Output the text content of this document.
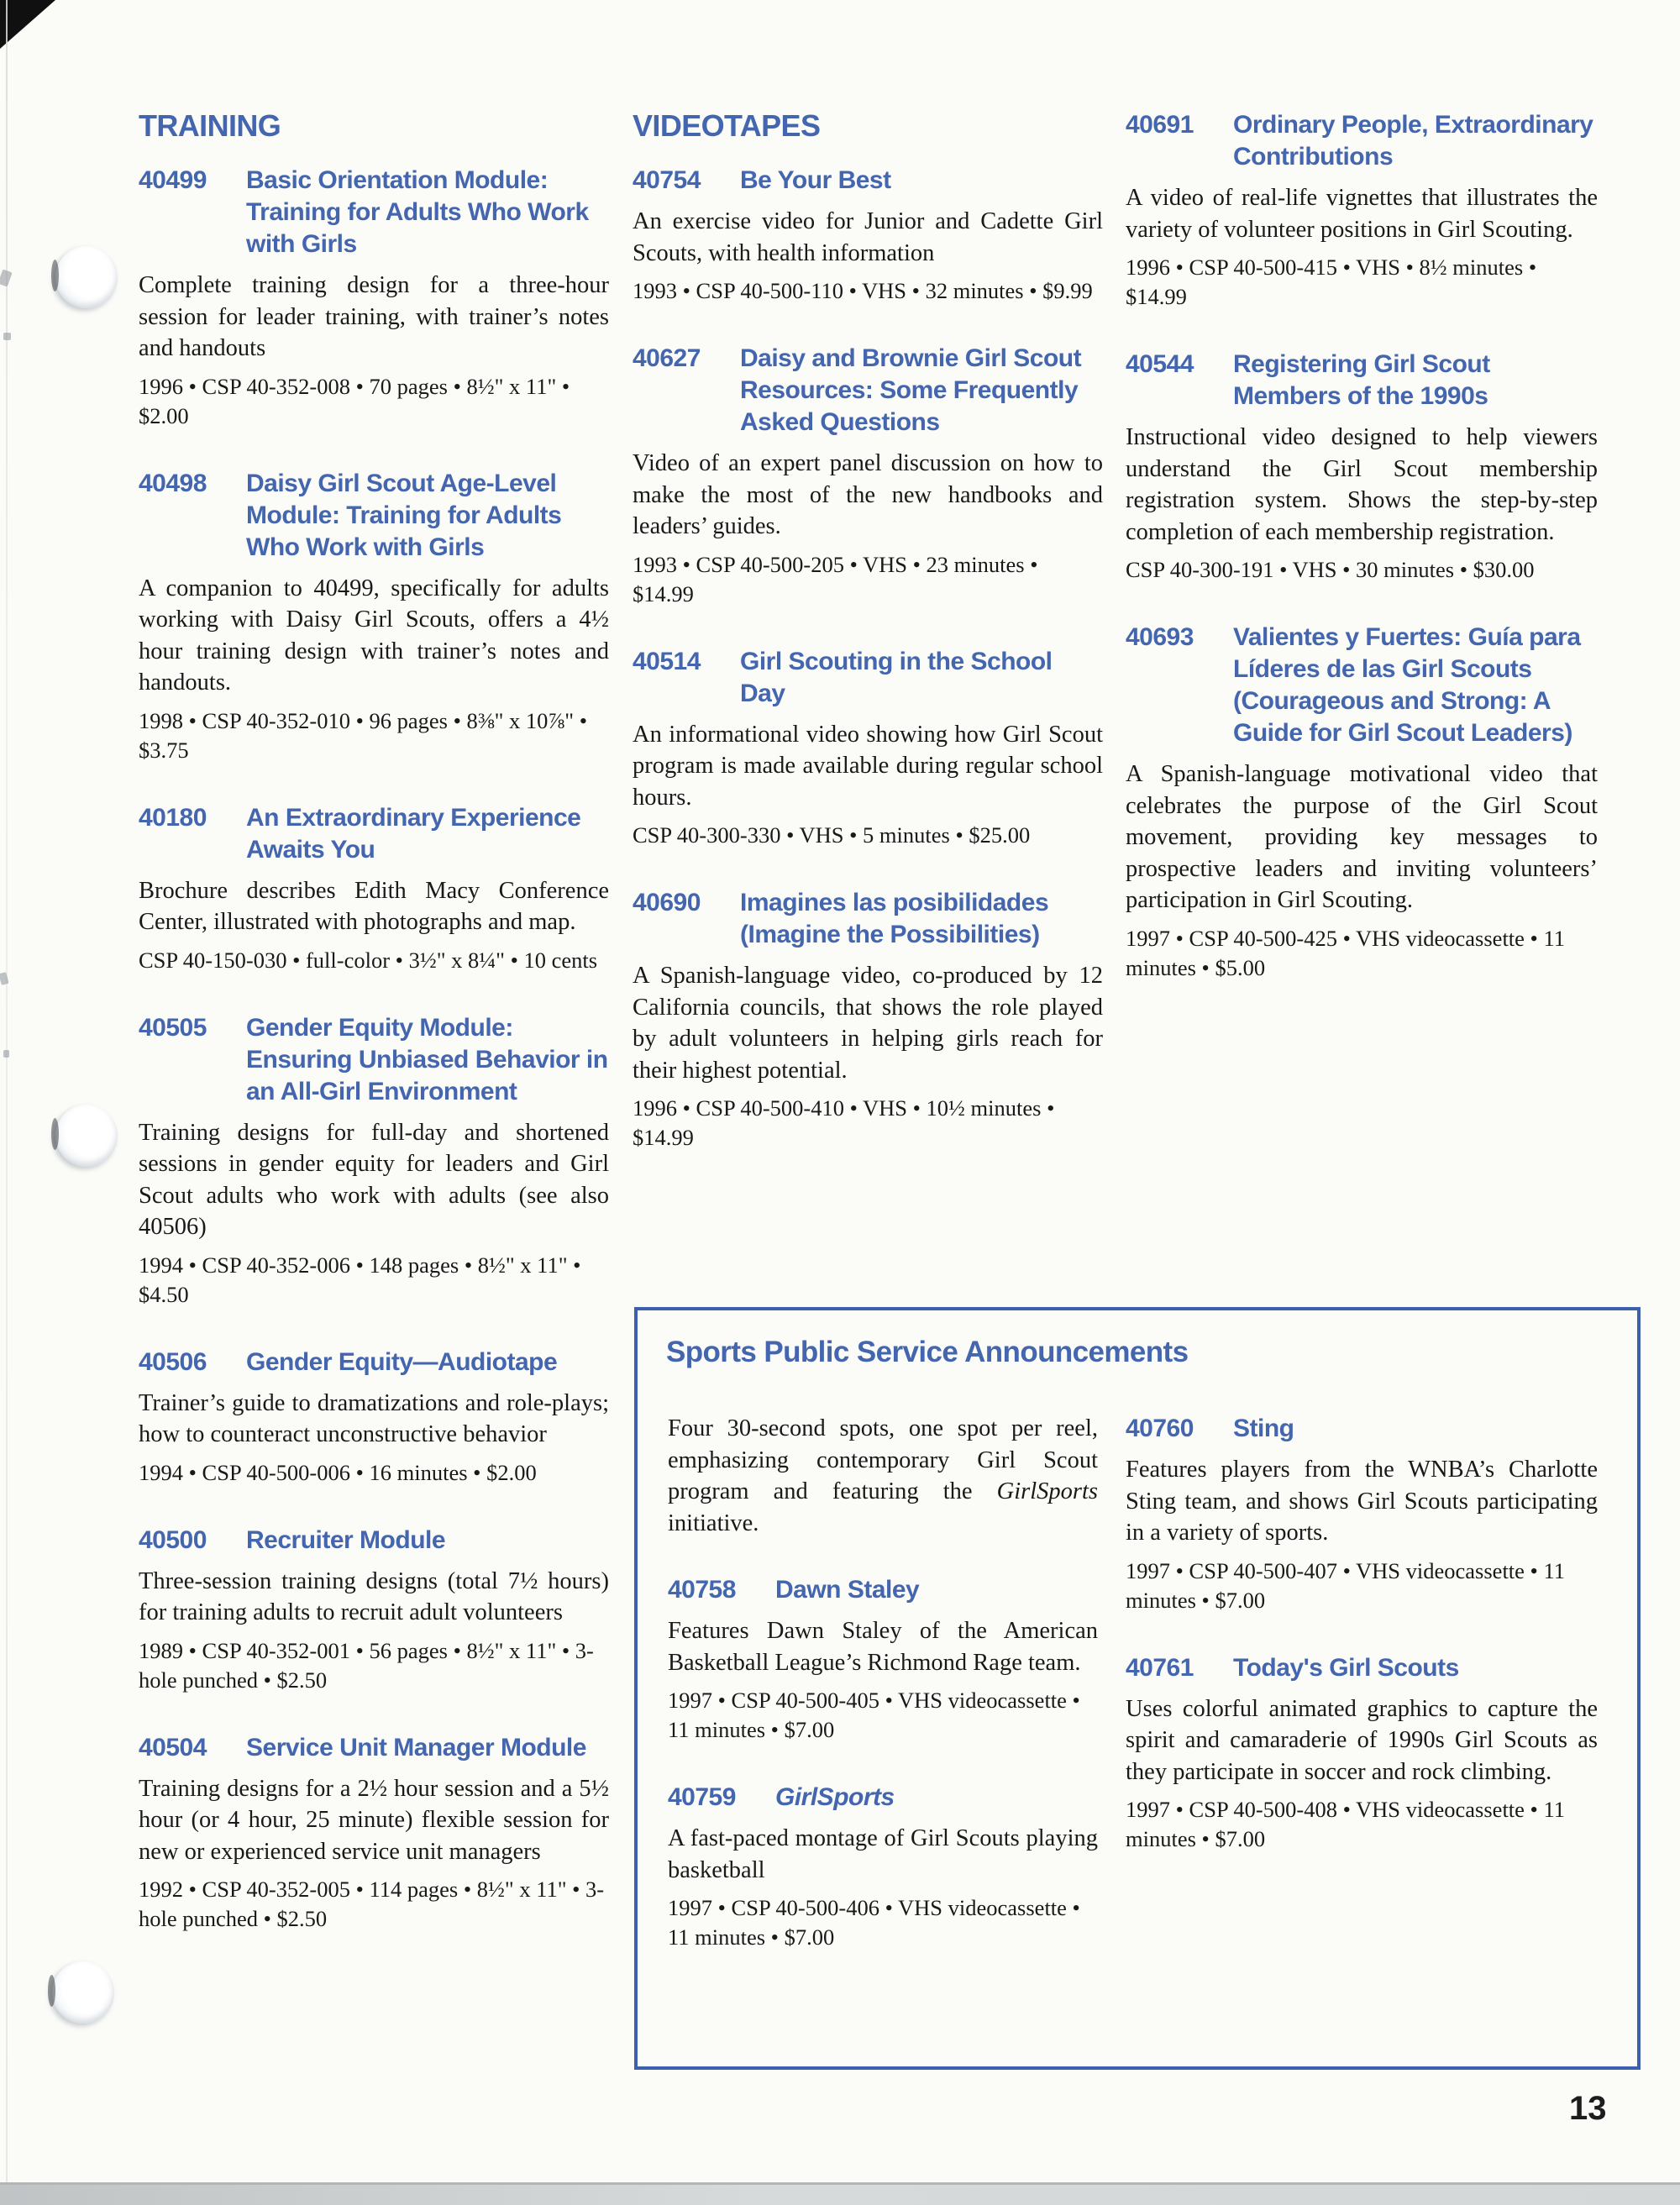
TRAINING
40499	Basic Orientation Module: Training for Adults Who Work with Girls

Complete training design for a three-hour session for leader training, with trainer’s notes and handouts

1996 • CSP 40-352-008 • 70 pages • 8½" x 11" • $2.00

40498	Daisy Girl Scout Age-Level Module: Training for Adults Who Work with Girls

A companion to 40499, specifically for adults working with Daisy Girl Scouts, offers a 4½ hour training design with trainer’s notes and handouts.

1998 • CSP 40-352-010 • 96 pages • 8⅜" x 10⅞" • $3.75

40180	An Extraordinary Experience Awaits You

Brochure describes Edith Macy Conference Center, illustrated with photographs and map.

CSP 40-150-030 • full-color • 3½" x 8¼" • 10 cents

40505	Gender Equity Module: Ensuring Unbiased Behavior in an All-Girl Environment

Training designs for full-day and shortened sessions in gender equity for leaders and Girl Scout adults who work with adults (see also 40506)

1994 • CSP 40-352-006 • 148 pages • 8½" x 11" • $4.50

40506	Gender Equity—Audiotape

Trainer’s guide to dramatizations and role-plays; how to counteract unconstructive behavior

1994 • CSP 40-500-006 • 16 minutes • $2.00

40500	Recruiter Module

Three-session training designs (total 7½ hours) for training adults to recruit adult volunteers

1989 • CSP 40-352-001 • 56 pages • 8½" x 11" • 3-hole punched • $2.50

40504	Service Unit Manager Module

Training designs for a 2½ hour session and a 5½ hour (or 4 hour, 25 minute) flexible session for new or experienced service unit managers

1992 • CSP 40-352-005 • 114 pages • 8½" x 11" • 3-hole punched • $2.50

VIDEOTAPES
40754	Be Your Best

An exercise video for Junior and Cadette Girl Scouts, with health information

1993 • CSP 40-500-110 • VHS • 32 minutes • $9.99

40627	Daisy and Brownie Girl Scout Resources: Some Frequently Asked Questions

Video of an expert panel discussion on how to make the most of the new handbooks and leaders’ guides.

1993 • CSP 40-500-205 • VHS • 23 minutes • $14.99

40514	Girl Scouting in the School Day

An informational video showing how Girl Scout program is made available during regular school hours.

CSP 40-300-330 • VHS • 5 minutes • $25.00

40690	Imagines las posibilidades (Imagine the Possibilities)

A Spanish-language video, co-produced by 12 California councils, that shows the role played by adult volunteers in helping girls reach for their highest potential.

1996 • CSP 40-500-410 • VHS • 10½ minutes • $14.99

40691	Ordinary People, Extraordinary Contributions

A video of real-life vignettes that illustrates the variety of volunteer positions in Girl Scouting.

1996 • CSP 40-500-415 • VHS • 8½ minutes • $14.99

40544	Registering Girl Scout Members of the 1990s

Instructional video designed to help viewers understand the Girl Scout membership registration system. Shows the step-by-step completion of each membership registration.

CSP 40-300-191 • VHS • 30 minutes • $30.00

40693	Valientes y Fuertes: Guía para Líderes de las Girl Scouts (Courageous and Strong: A Guide for Girl Scout Leaders)

A Spanish-language motivational video that celebrates the purpose of the Girl Scout movement, providing key messages to prospective leaders and inviting volunteers’ participation in Girl Scouting.

1997 • CSP 40-500-425 • VHS videocassette • 11 minutes • $5.00

Sports Public Service Announcements

Four 30-second spots, one spot per reel, emphasizing contemporary Girl Scout program and featuring the GirlSports initiative.

40758	Dawn Staley

Features Dawn Staley of the American Basketball League’s Richmond Rage team.

1997 • CSP 40-500-405 • VHS videocassette • 11 minutes • $7.00

40759	GirlSports

A fast-paced montage of Girl Scouts playing basketball

1997 • CSP 40-500-406 • VHS videocassette • 11 minutes • $7.00

40760	Sting

Features players from the WNBA’s Charlotte Sting team, and shows Girl Scouts participating in a variety of sports.

1997 • CSP 40-500-407 • VHS videocassette • 11 minutes • $7.00

40761	Today's Girl Scouts

Uses colorful animated graphics to capture the spirit and camaraderie of 1990s Girl Scouts as they participate in soccer and rock climbing.

1997 • CSP 40-500-408 • VHS videocassette • 11 minutes • $7.00

13
